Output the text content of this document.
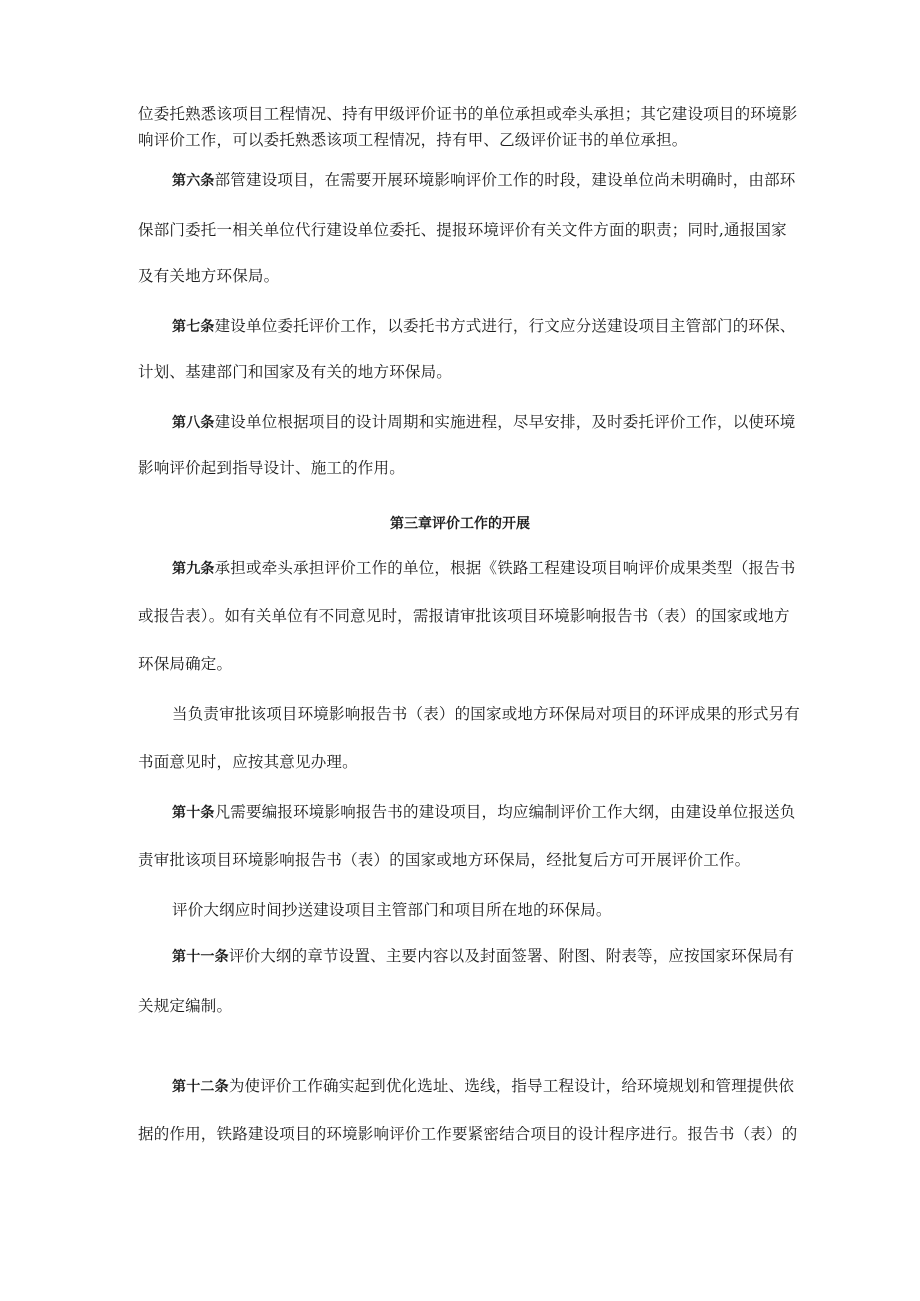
位委托熟悉该项目工程情况、持有甲级评价证书的单位承担或牵头承担；其它建设项目的环境影
响评价工作，可以委托熟悉该项工程情况，持有甲、乙级评价证书的单位承担。
第六条部管建设项目，在需要开展环境影响评价工作的时段，建设单位尚未明确时，由部环
保部门委托一相关单位代行建设单位委托、提报环境评价有关文件方面的职责；同时,通报国家
及有关地方环保局。
第七条建设单位委托评价工作，以委托书方式进行，行文应分送建设项目主管部门的环保、
计划、基建部门和国家及有关的地方环保局。
第八条建设单位根据项目的设计周期和实施进程，尽早安排，及时委托评价工作，以使环境
影响评价起到指导设计、施工的作用。
第三章评价工作的开展
第九条承担或牵头承担评价工作的单位，根据《铁路工程建设项目响评价成果类型（报告书
或报告表）。如有关单位有不同意见时，需报请审批该项目环境影响报告书（表）的国家或地方
环保局确定。
当负责审批该项目环境影响报告书（表）的国家或地方环保局对项目的环评成果的形式另有
书面意见时，应按其意见办理。
第十条凡需要编报环境影响报告书的建设项目，均应编制评价工作大纲，由建设单位报送负
责审批该项目环境影响报告书（表）的国家或地方环保局，经批复后方可开展评价工作。
评价大纲应时间抄送建设项目主管部门和项目所在地的环保局。
第十一条评价大纲的章节设置、主要内容以及封面签署、附图、附表等，应按国家环保局有
关规定编制。
第十二条为使评价工作确实起到优化选址、选线，指导工程设计，给环境规划和管理提供依
据的作用，铁路建设项目的环境影响评价工作要紧密结合项目的设计程序进行。报告书（表）的
